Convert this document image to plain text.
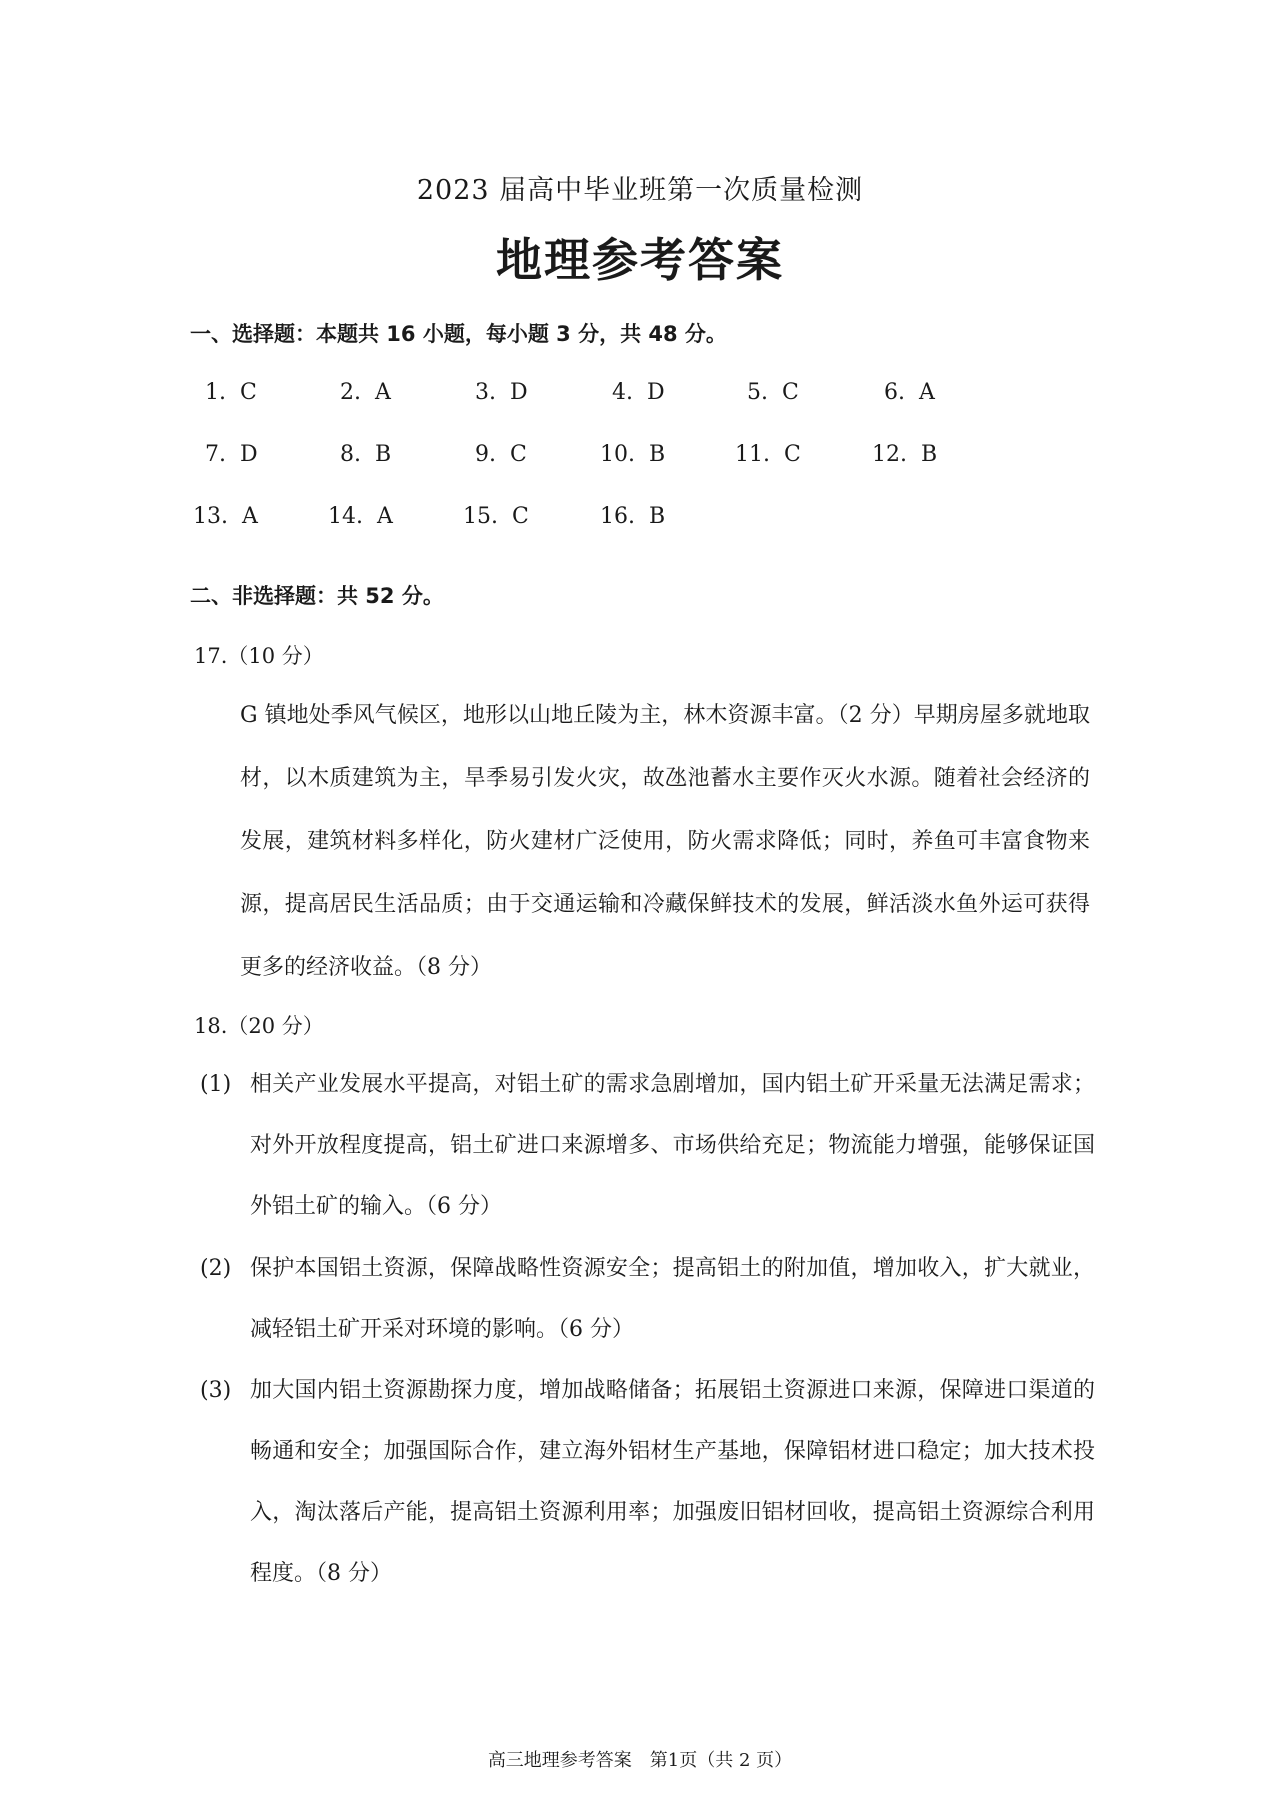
2023 届高中毕业班第一次质量检测
地理参考答案
一、选择题：本题共 16 小题，每小题 3 分，共 48 分。
1. C	2. A	3. D	4. D	5. C	6. A
7. D	8. B	9. C	10. B	11. C	12. B
13. A	14. A	15. C	16. B
二、非选择题：共 52 分。
17.（10 分）
G 镇地处季风气候区，地形以山地丘陵为主，林木资源丰富。（2 分）早期房屋多就地取材，以木质建筑为主，旱季易引发火灾，故氹池蓄水主要作灭火水源。随着社会经济的发展，建筑材料多样化，防火建材广泛使用，防火需求降低；同时，养鱼可丰富食物来源，提高居民生活品质；由于交通运输和冷藏保鲜技术的发展，鲜活淡水鱼外运可获得更多的经济收益。（8 分）
18.（20 分）
(1) 相关产业发展水平提高，对铝土矿的需求急剧增加，国内铝土矿开采量无法满足需求；对外开放程度提高，铝土矿进口来源增多、市场供给充足；物流能力增强，能够保证国外铝土矿的输入。（6 分）
(2) 保护本国铝土资源，保障战略性资源安全；提高铝土的附加值，增加收入，扩大就业，减轻铝土矿开采对环境的影响。（6 分）
(3) 加大国内铝土资源勘探力度，增加战略储备；拓展铝土资源进口来源，保障进口渠道的畅通和安全；加强国际合作，建立海外铝材生产基地，保障铝材进口稳定；加大技术投入，淘汰落后产能，提高铝土资源利用率；加强废旧铝材回收，提高铝土资源综合利用程度。（8 分）
高三地理参考答案　第1页（共 2 页）
